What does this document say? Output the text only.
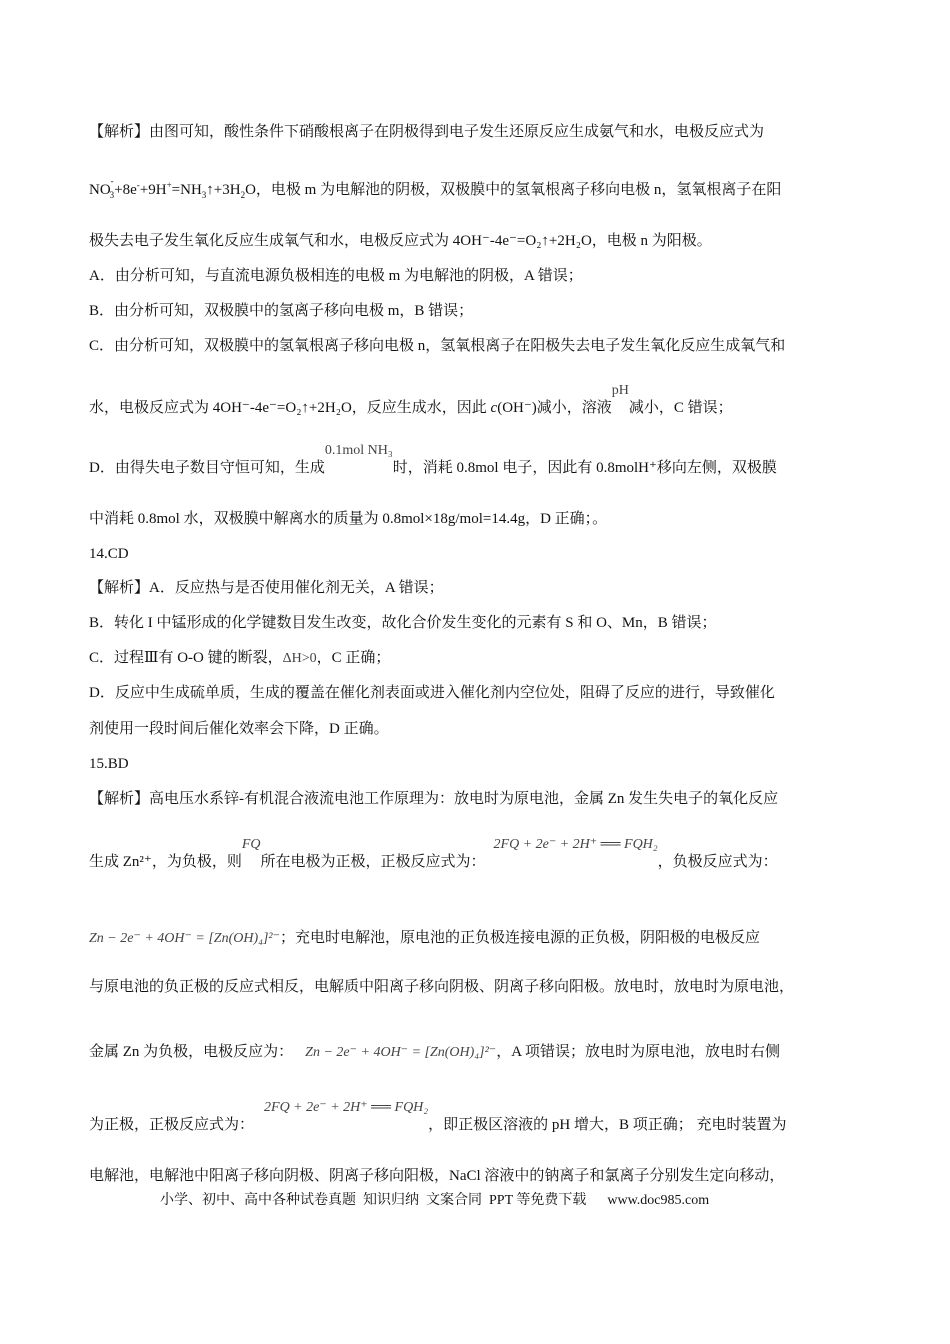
【解析】由图可知，酸性条件下硝酸根离子在阴极得到电子发生还原反应生成氨气和水，电极反应式为
$NO^-_3+8e^-+9H^+=NH_3↑+3H_2O$，电极 m 为电解池的阴极，双极膜中的氢氧根离子移向电极 n，氢氧根离子在阳
极失去电子发生氧化反应生成氧气和水，电极反应式为 4OH⁻-4e⁻=O₂↑+2H₂O，电极 n 为阳极。
A．由分析可知，与直流电源负极相连的电极 m 为电解池的阴极，A 错误；
B．由分析可知，双极膜中的氢离子移向电极 m，B 错误；
C．由分析可知，双极膜中的氢氧根离子移向电极 n，氢氧根离子在阳极失去电子发生氧化反应生成氧气和
水，电极反应式为 4OH⁻-4e⁻=O₂↑+2H₂O，反应生成水，因此 c(OH⁻)减小，溶液pH减小，C 错误；
D．由得失电子数目守恒可知，生成0.1mol NH₃时，消耗 0.8mol 电子，因此有 0.8molH⁺移向左侧，双极膜
中消耗 0.8mol 水，双极膜中解离水的质量为 0.8mol×18g/mol=14.4g，D 正确；。
14.CD
【解析】A．反应热与是否使用催化剂无关，A 错误；
B．转化 I 中锰形成的化学键数目发生改变，故化合价发生变化的元素有 S 和 O、Mn，B 错误；
C．过程Ⅲ有 O-O 键的断裂，ΔH>0，C 正确；
D．反应中生成硫单质，生成的覆盖在催化剂表面或进入催化剂内空位处，阻碍了反应的进行，导致催化
剂使用一段时间后催化效率会下降，D 正确。
15.BD
【解析】高电压水系锌-有机混合液流电池工作原理为：放电时为原电池，金属 Zn 发生失电子的氧化反应
生成 Zn²⁺，为负极，则FQ所在电极为正极，正极反应式为：2FQ + 2e⁻ + 2H⁺ ══ FQH₂，负极反应式为：
Zn − 2e⁻ + 4OH⁻ = [Zn(OH)₄]²⁻；充电时电解池，原电池的正负极连接电源的正负极，阴阳极的电极反应
与原电池的负正极的反应式相反，电解质中阳离子移向阴极、阴离子移向阳极。放电时，放电时为原电池，
金属 Zn 为负极，电极反应为： Zn − 2e⁻ + 4OH⁻ = [Zn(OH)₄]²⁻，A 项错误；放电时为原电池，放电时右侧
为正极，正极反应式为：2FQ + 2e⁻ + 2H⁺ ══ FQH₂，即正极区溶液的 pH 增大，B 项正确； 充电时装置为
电解池，电解池中阳离子移向阴极、阴离子移向阳极，NaCl 溶液中的钠离子和氯离子分别发生定向移动，
小学、初中、高中各种试卷真题  知识归纳  文案合同  PPT 等免费下载      www.doc985.com
